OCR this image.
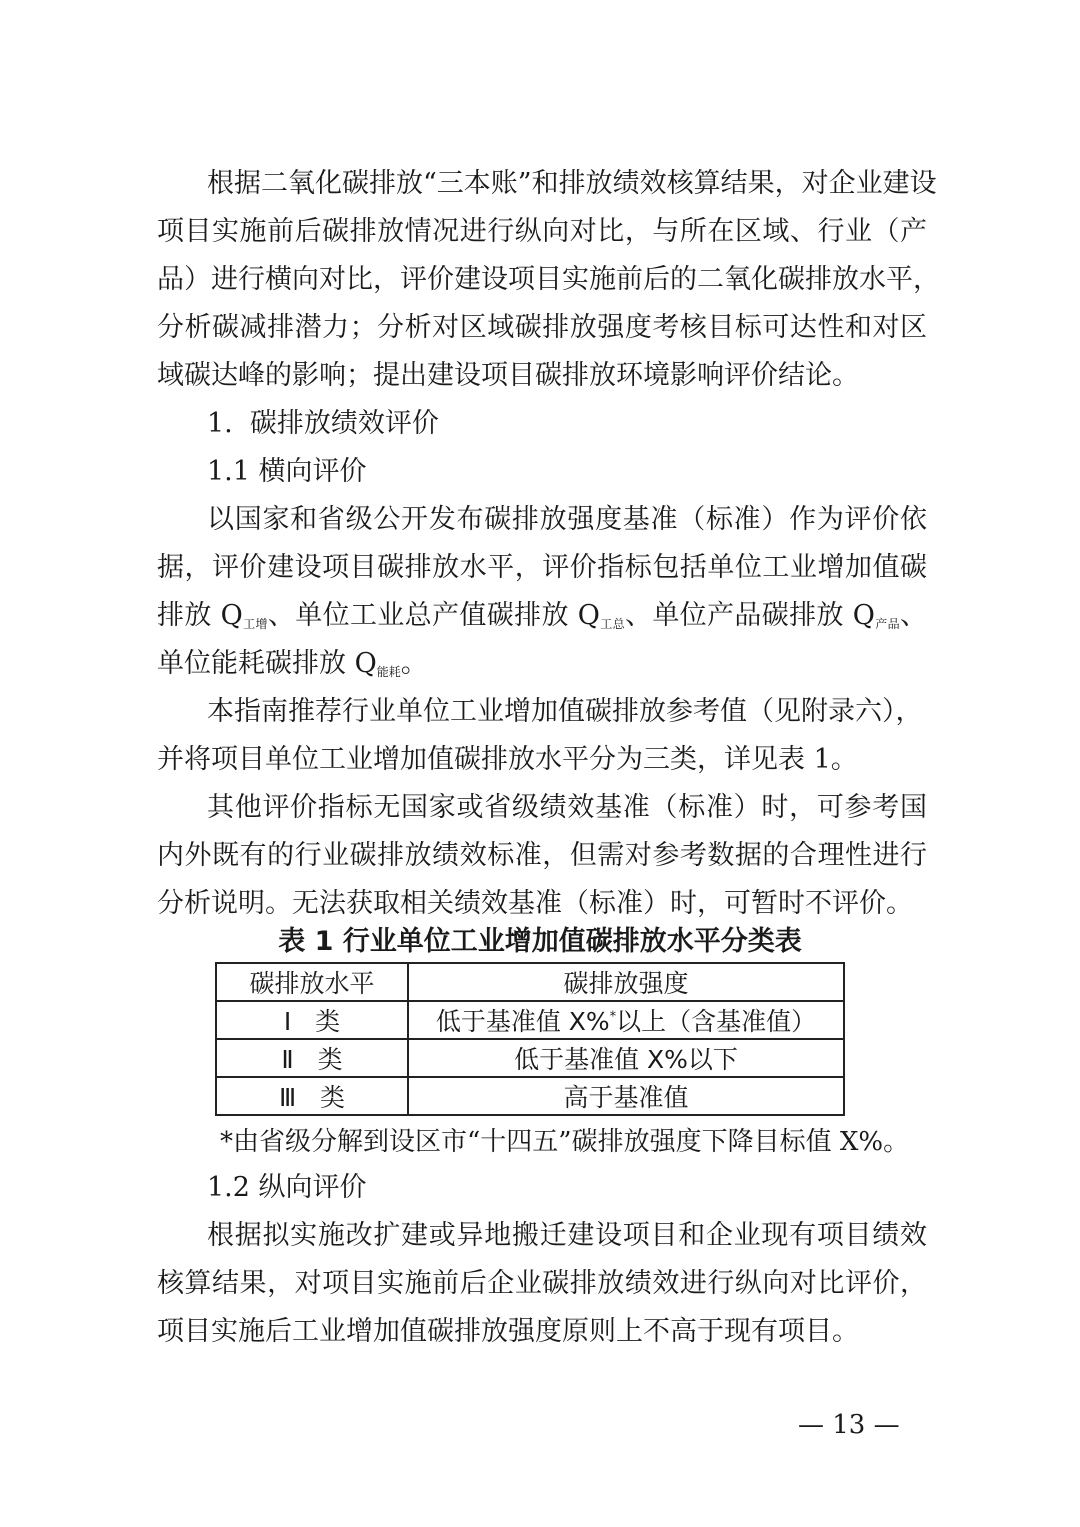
根据二氧化碳排放“三本账”和排放绩效核算结果，对企业建设
项目实施前后碳排放情况进行纵向对比，与所在区域、行业（产
品）进行横向对比，评价建设项目实施前后的二氧化碳排放水平，
分析碳减排潜力；分析对区域碳排放强度考核目标可达性和对区
域碳达峰的影响；提出建设项目碳排放环境影响评价结论。
1.  碳排放绩效评价
1.1 横向评价
以国家和省级公开发布碳排放强度基准（标准）作为评价依
据，评价建设项目碳排放水平，评价指标包括单位工业增加值碳
排放 Q工增、单位工业总产值碳排放 Q工总、单位产品碳排放 Q产品、
单位能耗碳排放 Q能耗。
本指南推荐行业单位工业增加值碳排放参考值（见附录六），
并将项目单位工业增加值碳排放水平分为三类，详见表 1。
其他评价指标无国家或省级绩效基准（标准）时，可参考国
内外既有的行业碳排放绩效标准，但需对参考数据的合理性进行
分析说明。无法获取相关绩效基准（标准）时，可暂时不评价。
表 1 行业单位工业增加值碳排放水平分类表
碳排放水平	碳排放强度
Ⅰ   类	低于基准值 X%*以上（含基准值）
Ⅱ   类	低于基准值 X%以下
Ⅲ   类	高于基准值
*由省级分解到设区市“十四五”碳排放强度下降目标值 X%。
1.2 纵向评价
根据拟实施改扩建或异地搬迁建设项目和企业现有项目绩效
核算结果，对项目实施前后企业碳排放绩效进行纵向对比评价，
项目实施后工业增加值碳排放强度原则上不高于现有项目。
— 13 —
